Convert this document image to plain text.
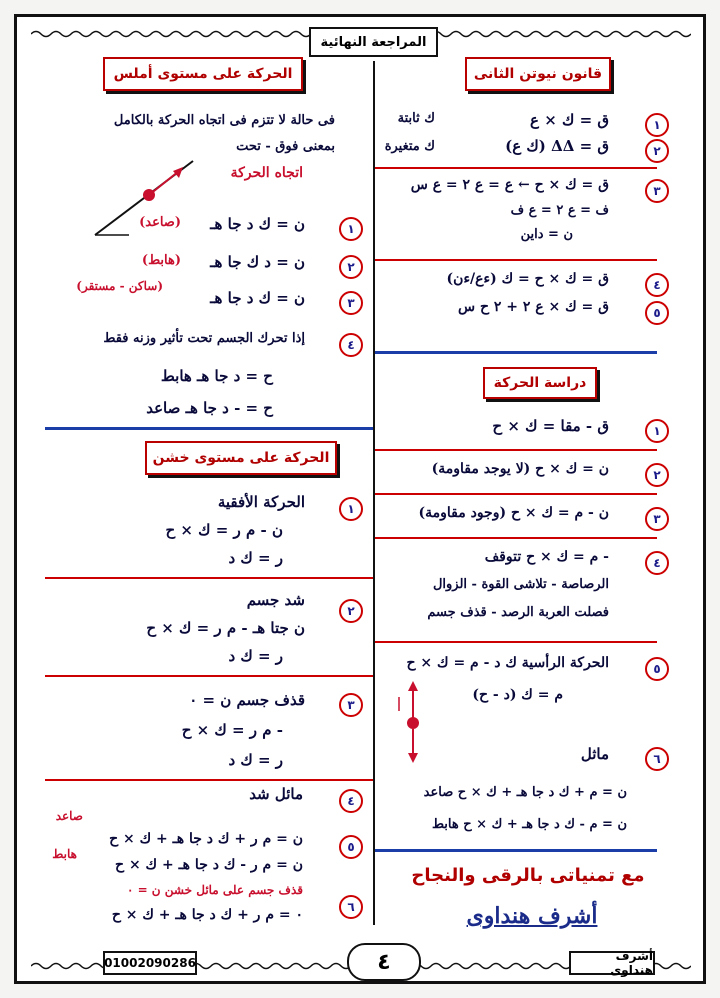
المراجعة النهائية
قانون نيوتن الثانى
١
ق = ك × ع
ك ثابتة
٢
ق = ΔΔ (ك ع)
ك متغيرة
٣
ق = ك × ح ← ع = ع ٢ = ع س
ف = ع ٢ = ع ف
ن = داين
٤
ق = ك × ح = ك (ءع/ءن)
٥
ق = ك × ع ٢ + ٢ ح س
دراسة الحركة
١
ق - مقا = ك × ح
٢
ن = ك × ح (لا يوجد مقاومة)
٣
ن - م = ك × ح (وجود مقاومة)
٤
- م = ك × ح تتوقف
الرصاصة - تلاشى القوة - الزوال
فصلت العربة الرصد - قذف جسم
٥
الحركة الرأسية ك د - م = ك × ح
م = ك (د - ح)
٦
ماثل
ن = م + ك د جا هـ + ك × ح صاعد
ن = م - ك د جا هـ + ك × ح هابط
الحركة على مستوى أملس
فى حالة لا تتزم فى اتجاه الحركة بالكامل
بمعنى فوق - تحت
اتجاه الحركة
١
ن = ك د جا هـ
(صاعد)
٢
ن = د ك جا هـ
(هابط)
٣
ن = ك د جا هـ
(ساكن - مستقر)
٤
إذا تحرك الجسم تحت تأثير وزنه فقط
ح = د جا هـ هابط
ح = - د جا هـ صاعد
الحركة على مستوى خشن
١
الحركة الأفقية
ن - م ر = ك × ح
ر = ك د
٢
شد جسم
ن جتا هـ - م ر = ك × ح
ر = ك د
٣
قذف جسم ن = ٠
- م ر = ك × ح
ر = ك د
٤
مائل شد
٥
ن = م ر + ك د جا هـ + ك × ح
صاعد
ن = م ر - ك د جا هـ + ك × ح
هابط
٦
قذف جسم على مائل خشن ن = ٠
٠ = م ر + ك د جا هـ + ك × ح
مع تمنياتى بالرقى والنجاح
أشرف هنداوى
01002090286	٤	أشرف هنداوى
